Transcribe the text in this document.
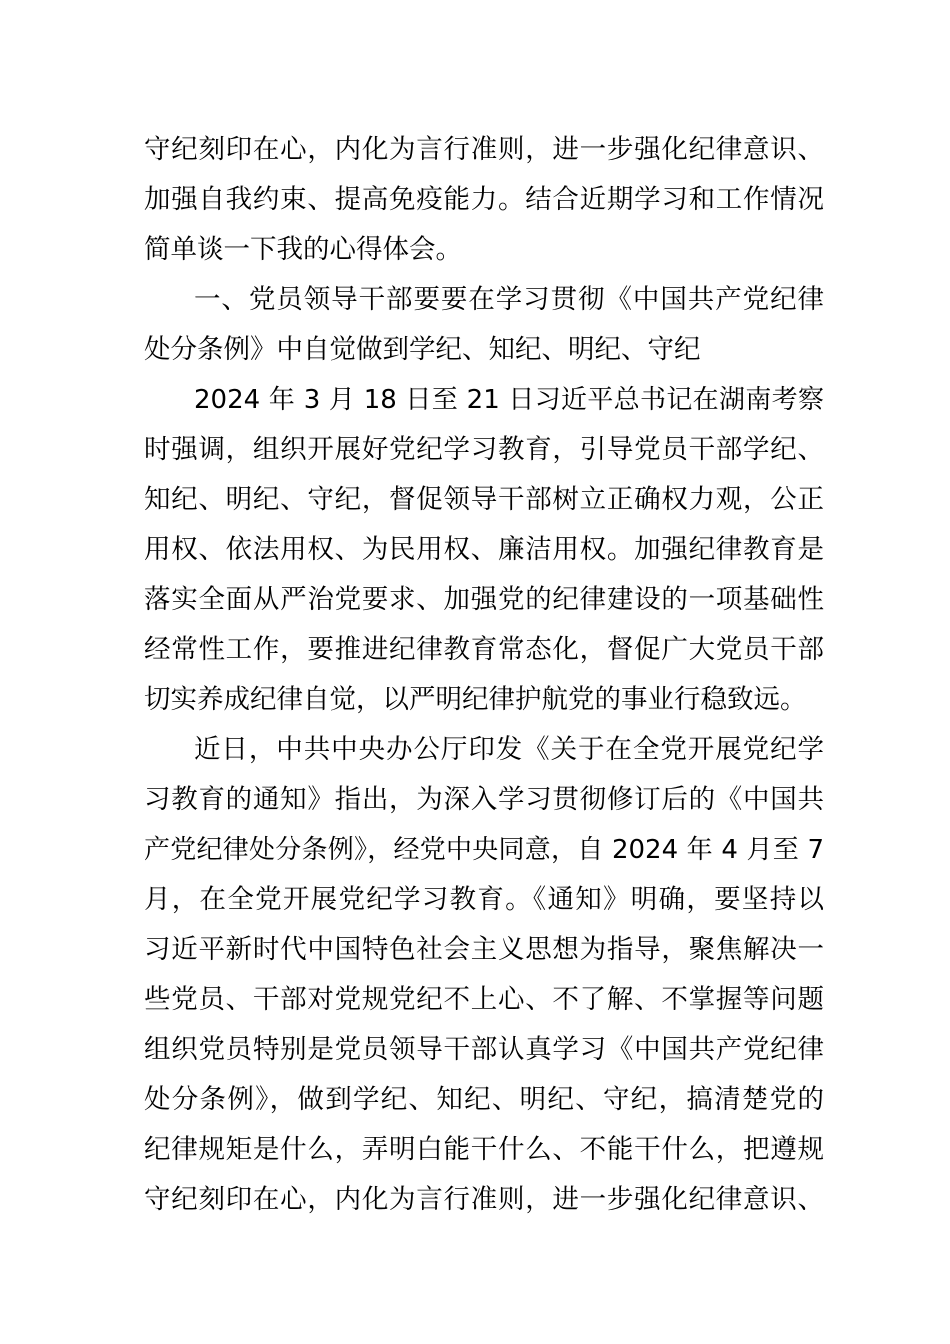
守纪刻印在心，内化为言行准则，进一步强化纪律意识、
加强自我约束、提高免疫能力。结合近期学习和工作情况
简单谈一下我的心得体会。
一、党员领导干部要要在学习贯彻《中国共产党纪律
处分条例》中自觉做到学纪、知纪、明纪、守纪
2024 年 3 月 18 日至 21 日习近平总书记在湖南考察
时强调，组织开展好党纪学习教育，引导党员干部学纪、
知纪、明纪、守纪，督促领导干部树立正确权力观，公正
用权、依法用权、为民用权、廉洁用权。加强纪律教育是
落实全面从严治党要求、加强党的纪律建设的一项基础性
经常性工作，要推进纪律教育常态化，督促广大党员干部
切实养成纪律自觉，以严明纪律护航党的事业行稳致远。
近日，中共中央办公厅印发《关于在全党开展党纪学
习教育的通知》指出，为深入学习贯彻修订后的《中国共
产党纪律处分条例》，经党中央同意，自 2024 年 4 月至 7
月，在全党开展党纪学习教育。《通知》明确，要坚持以
习近平新时代中国特色社会主义思想为指导，聚焦解决一
些党员、干部对党规党纪不上心、不了解、不掌握等问题
组织党员特别是党员领导干部认真学习《中国共产党纪律
处分条例》，做到学纪、知纪、明纪、守纪，搞清楚党的
纪律规矩是什么，弄明白能干什么、不能干什么，把遵规
守纪刻印在心，内化为言行准则，进一步强化纪律意识、
